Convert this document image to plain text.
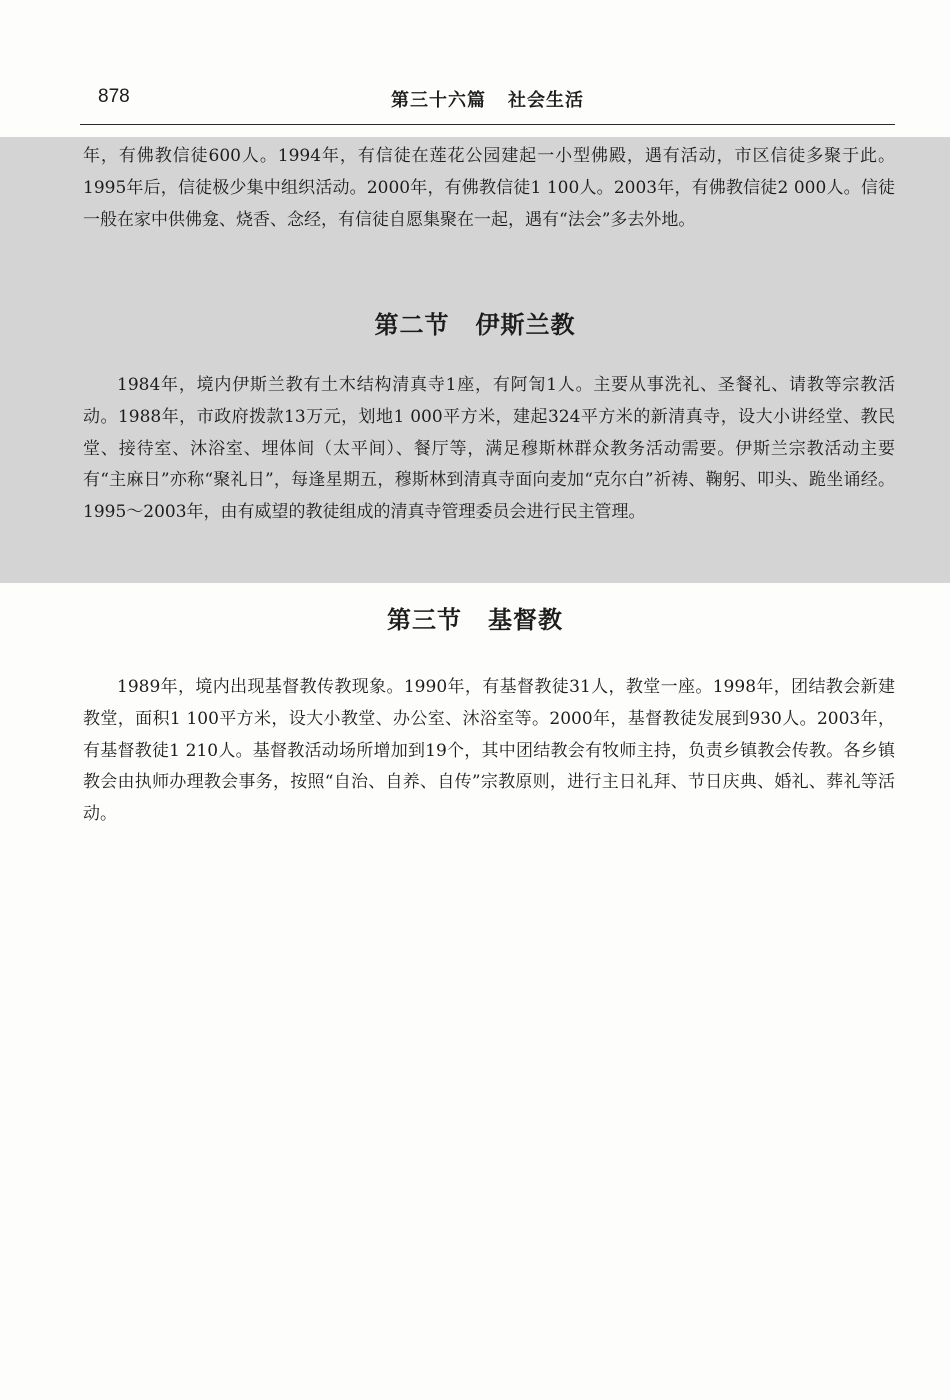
878	第三十六篇 社会生活

年，有佛教信徒600人。1994年，有信徒在莲花公园建起一小型佛殿，遇有活动，市区信徒多聚于此。1995年后，信徒极少集中组织活动。2000年，有佛教信徒1 100人。2003年，有佛教信徒2 000人。信徒一般在家中供佛龛、烧香、念经，有信徒自愿集聚在一起，遇有“法会”多去外地。

第二节 伊斯兰教

1984年，境内伊斯兰教有土木结构清真寺1座，有阿訇1人。主要从事洗礼、圣餐礼、请教等宗教活动。1988年，市政府拨款13万元，划地1 000平方米，建起324平方米的新清真寺，设大小讲经堂、教民堂、接待室、沐浴室、埋体间（太平间）、餐厅等，满足穆斯林群众教务活动需要。伊斯兰宗教活动主要有“主麻日”亦称“聚礼日”，每逢星期五，穆斯林到清真寺面向麦加“克尔白”祈祷、鞠躬、叩头、跪坐诵经。1995～2003年，由有威望的教徒组成的清真寺管理委员会进行民主管理。

第三节 基督教

1989年，境内出现基督教传教现象。1990年，有基督教徒31人，教堂一座。1998年，团结教会新建教堂，面积1 100平方米，设大小教堂、办公室、沐浴室等。2000年，基督教徒发展到930人。2003年，有基督教徒1 210人。基督教活动场所增加到19个，其中团结教会有牧师主持，负责乡镇教会传教。各乡镇教会由执师办理教会事务，按照“自治、自养、自传”宗教原则，进行主日礼拜、节日庆典、婚礼、葬礼等活动。
